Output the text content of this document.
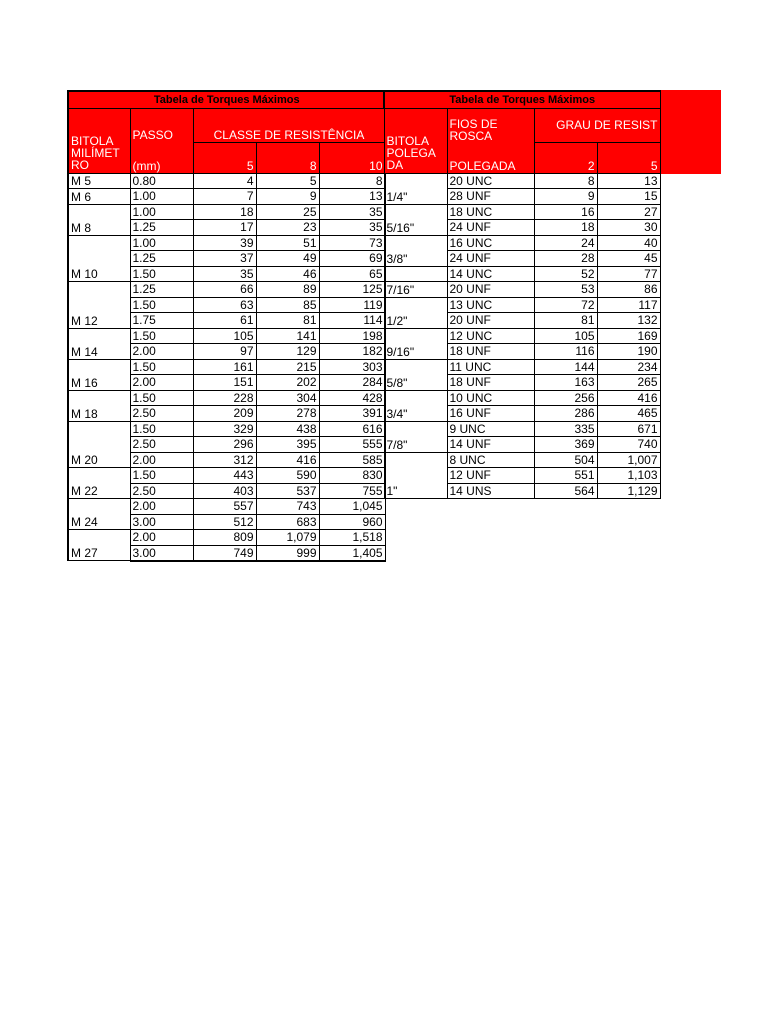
Tabela de Torques Máximos				
BITOLA MILÍMET RO	PASSO	CLASSE DE RESISTÊNCIA		
	(mm)	5	8	10
M 5	0.80	4	5	8
M 6	1.00	7	9	13
M 8	1.00	18	25	35
	1.25	17	23	35
M 10	1.00	39	51	73
	1.25	37	49	69
	1.50	35	46	65
M 12	1.25	66	89	125
	1.50	63	85	119
	1.75	61	81	114
M 14	1.50	105	141	198
	2.00	97	129	182
M 16	1.50	161	215	303
	2.00	151	202	284
M 18	1.50	228	304	428
	2.50	209	278	391
M 20	1.50	329	438	616
	2.50	296	395	555
	2.00	312	416	585
M 22	1.50	443	590	830
	2.50	403	537	755
M 24	2.00	557	743	1,045
	3.00	512	683	960
M 27	2.00	809	1,079	1,518
	3.00	749	999	1,405
Tabela de Torques Máximos			
BITOLA POLEGA DA	FIOS DE ROSCA	GRAU DE RESIST	
	POLEGADA	2	5
1/4"	20 UNC	8	13
	28 UNF	9	15
5/16"	18 UNC	16	27
	24 UNF	18	30
3/8"	16 UNC	24	40
	24 UNF	28	45
	14 UNC	52	77
7/16"	20 UNF	53	86
1/2"	13 UNC	72	117
	20 UNF	81	132
9/16"	12 UNC	105	169
	18 UNF	116	190
5/8"	11 UNC	144	234
	18 UNF	163	265
3/4"	10 UNC	256	416
	16 UNF	286	465
7/8"	9 UNC	335	671
	14 UNF	369	740
1"	8 UNC	504	1,007
	12 UNF	551	1,103
	14 UNS	564	1,129
